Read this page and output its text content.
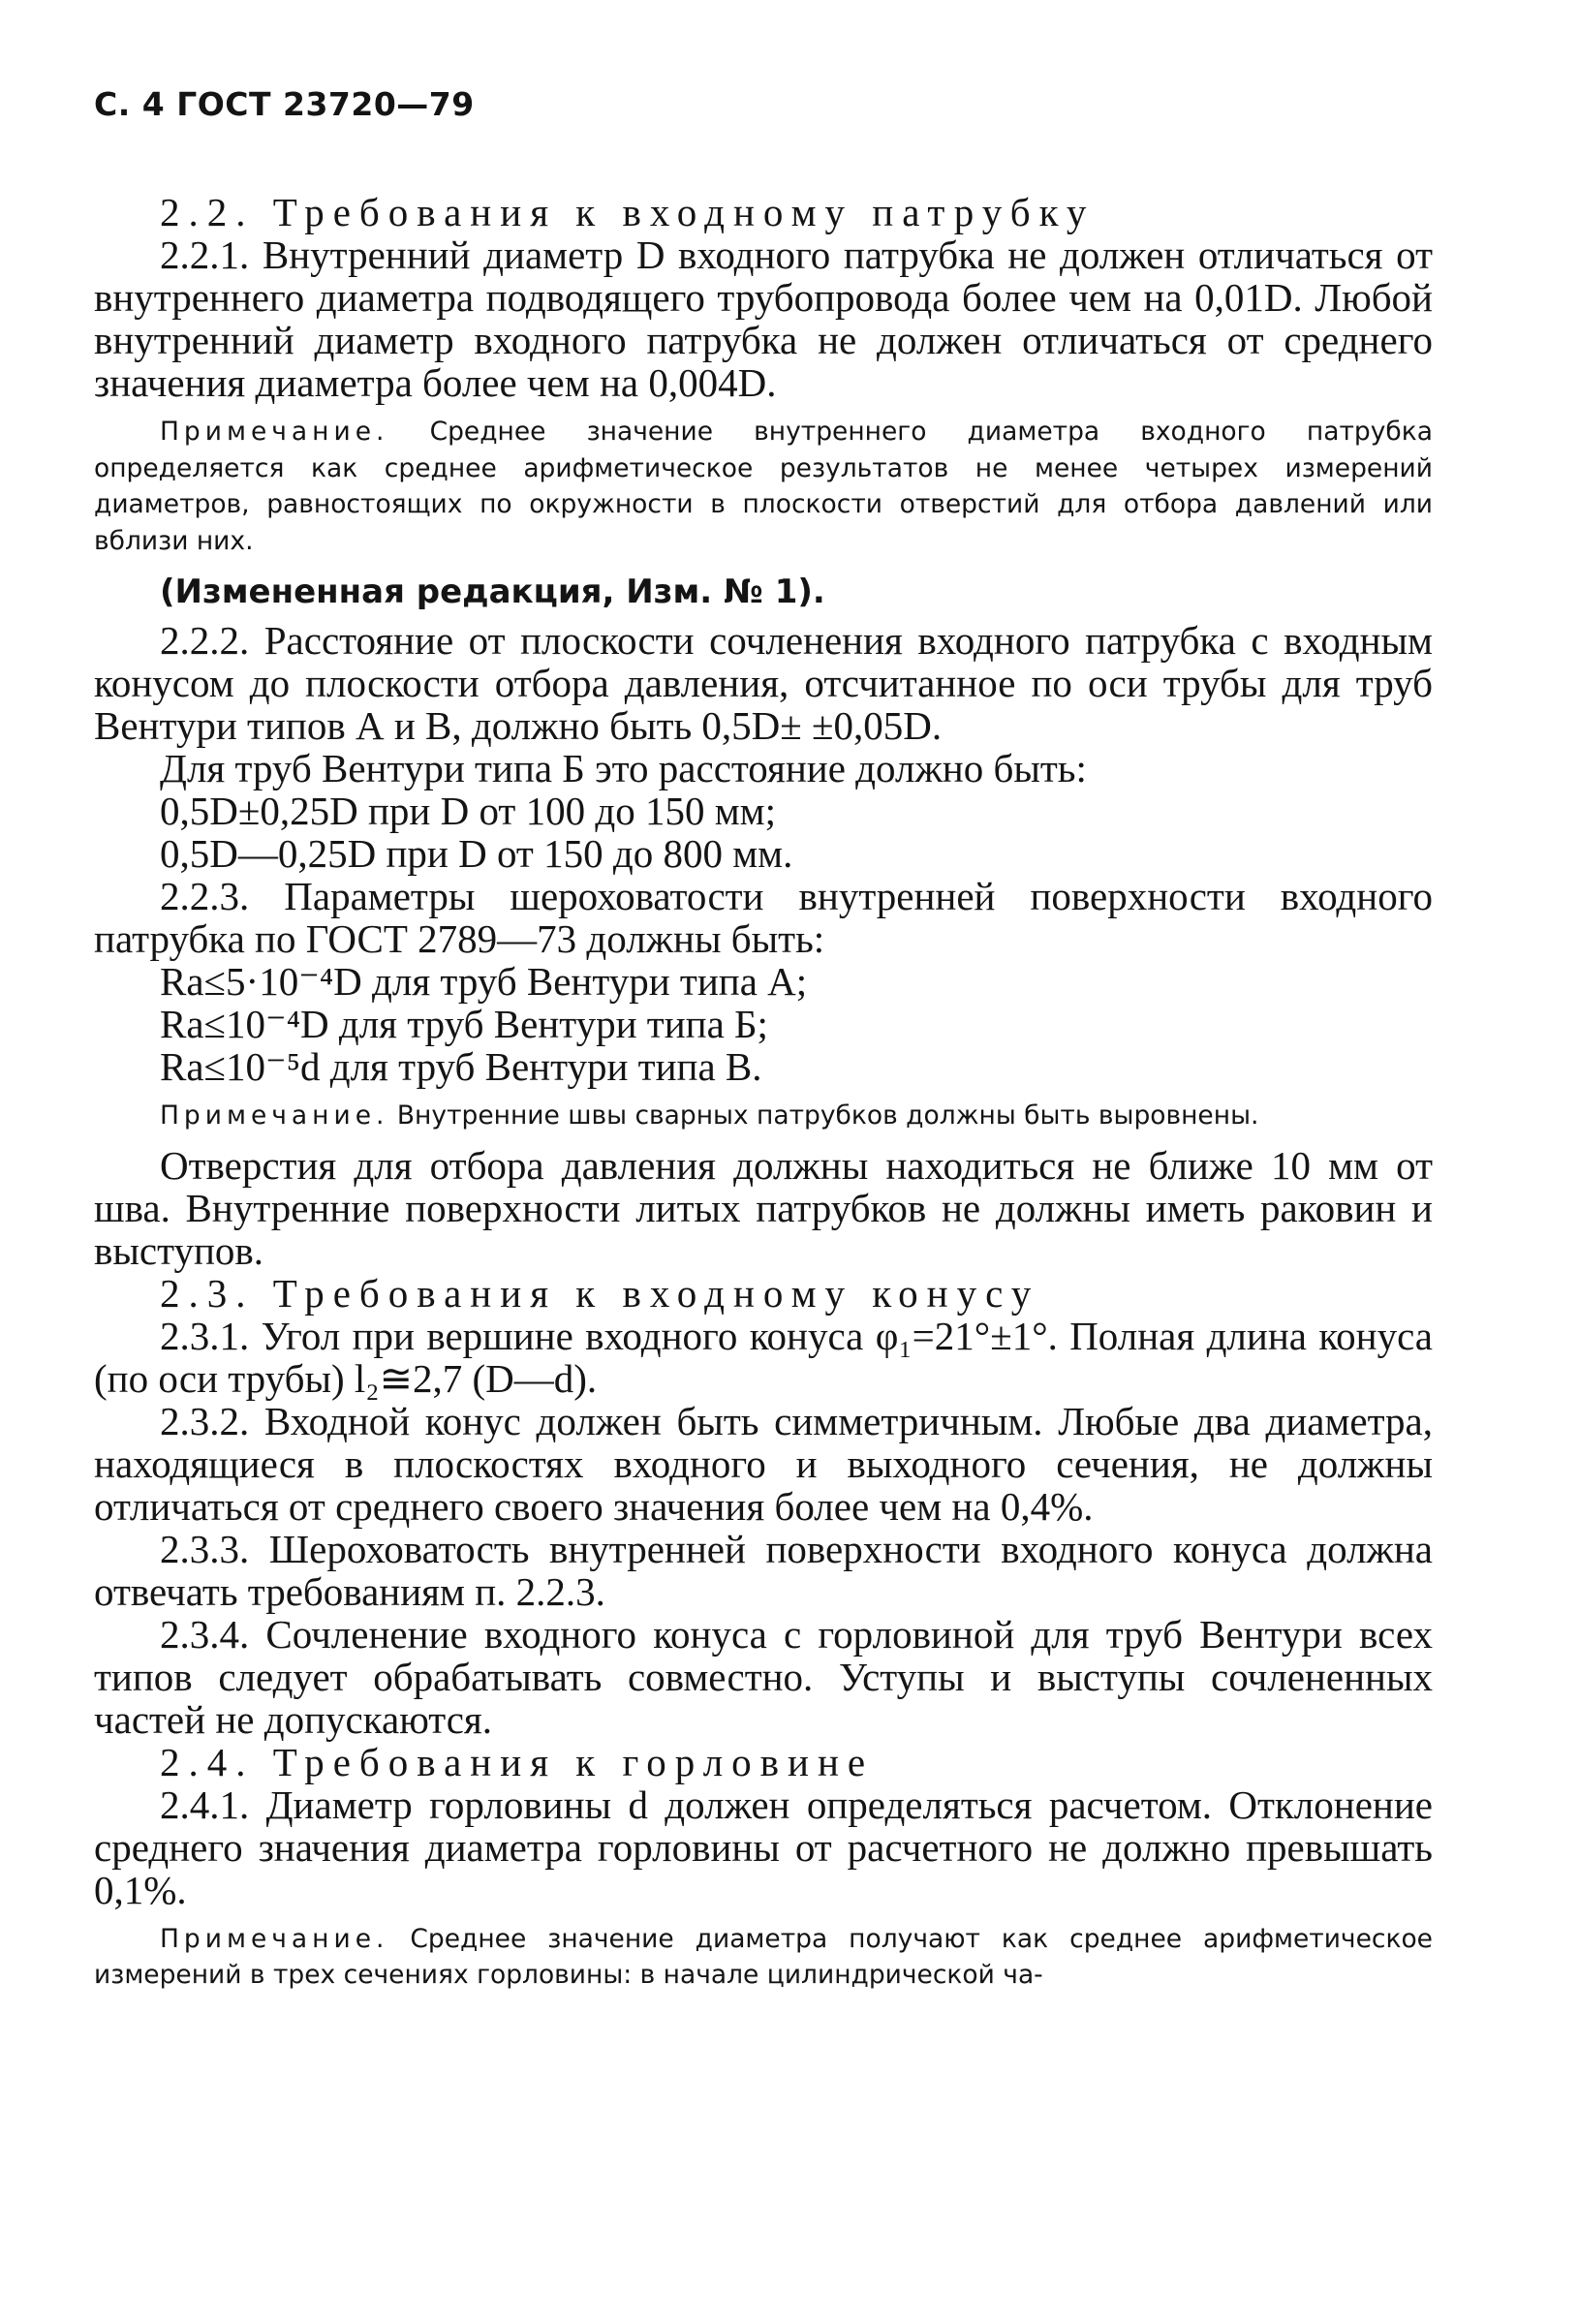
С. 4 ГОСТ 23720—79

2.2. Требования к входному патрубку

2.2.1. Внутренний диаметр D входного патрубка не должен отличаться от внутреннего диаметра подводящего трубопровода более чем на 0,01D. Любой внутренний диаметр входного патрубка не должен отличаться от среднего значения диаметра более чем на 0,004D.

Примечание. Среднее значение внутреннего диаметра входного патрубка определяется как среднее арифметическое результатов не менее четырех измерений диаметров, равностоящих по окружности в плоскости отверстий для отбора давлений или вблизи них.

(Измененная редакция, Изм. № 1).

2.2.2. Расстояние от плоскости сочленения входного патрубка с входным конусом до плоскости отбора давления, отсчитанное по оси трубы для труб Вентури типов А и В, должно быть 0,5D± ±0,05D.

Для труб Вентури типа Б это расстояние должно быть:

0,5D±0,25D при D от 100 до 150 мм;

0,5D—0,25D при D от 150 до 800 мм.

2.2.3. Параметры шероховатости внутренней поверхности входного патрубка по ГОСТ 2789—73 должны быть:

Ra≤5·10⁻⁴D для труб Вентури типа А;

Ra≤10⁻⁴D для труб Вентури типа Б;

Ra≤10⁻⁵d для труб Вентури типа В.

Примечание. Внутренние швы сварных патрубков должны быть выровнены.

Отверстия для отбора давления должны находиться не ближе 10 мм от шва. Внутренние поверхности литых патрубков не должны иметь раковин и выступов.

2.3. Требования к входному конусу

2.3.1. Угол при вершине входного конуса φ₁=21°±1°. Полная длина конуса (по оси трубы) l₂≅2,7 (D—d).

2.3.2. Входной конус должен быть симметричным. Любые два диаметра, находящиеся в плоскостях входного и выходного сечения, не должны отличаться от среднего своего значения более чем на 0,4%.

2.3.3. Шероховатость внутренней поверхности входного конуса должна отвечать требованиям п. 2.2.3.

2.3.4. Сочленение входного конуса с горловиной для труб Вентури всех типов следует обрабатывать совместно. Уступы и выступы сочлененных частей не допускаются.

2.4. Требования к горловине

2.4.1. Диаметр горловины d должен определяться расчетом. Отклонение среднего значения диаметра горловины от расчетного не должно превышать 0,1%.

Примечание. Среднее значение диаметра получают как среднее арифметическое измерений в трех сечениях горловины: в начале цилиндрической ча-
